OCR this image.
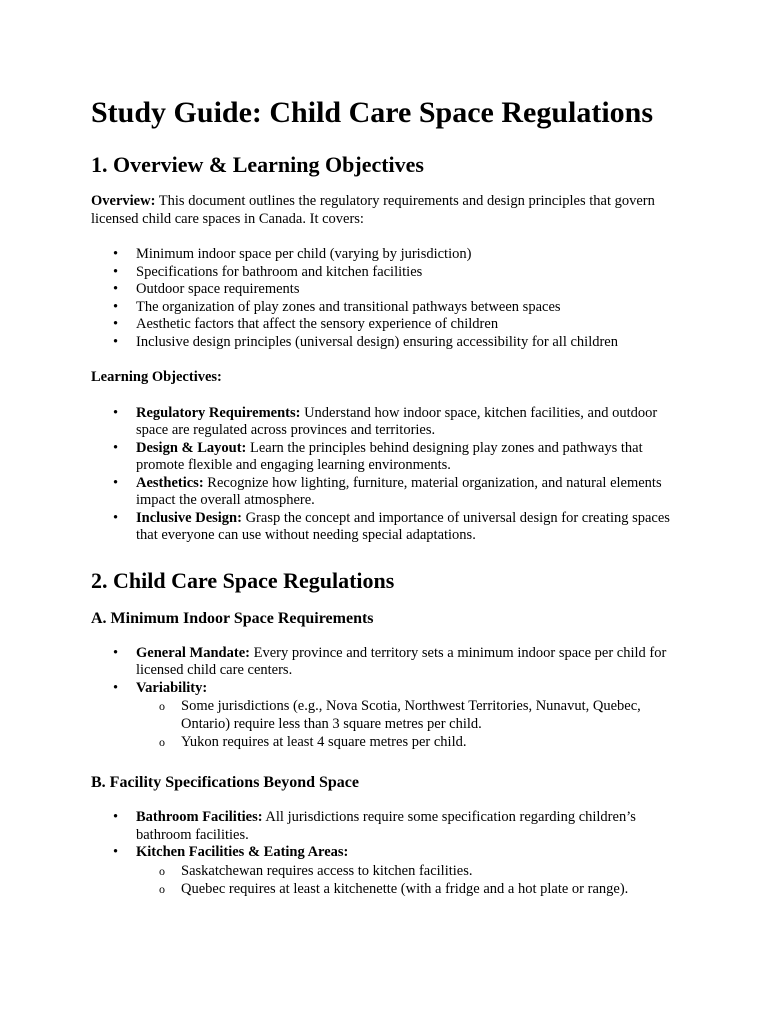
Study Guide: Child Care Space Regulations
1. Overview & Learning Objectives

Overview: This document outlines the regulatory requirements and design principles that govern licensed child care spaces in Canada. It covers:

• Minimum indoor space per child (varying by jurisdiction)
• Specifications for bathroom and kitchen facilities
• Outdoor space requirements
• The organization of play zones and transitional pathways between spaces
• Aesthetic factors that affect the sensory experience of children
• Inclusive design principles (universal design) ensuring accessibility for all children

Learning Objectives:

• Regulatory Requirements: Understand how indoor space, kitchen facilities, and outdoor space are regulated across provinces and territories.
• Design & Layout: Learn the principles behind designing play zones and pathways that promote flexible and engaging learning environments.
• Aesthetics: Recognize how lighting, furniture, material organization, and natural elements impact the overall atmosphere.
• Inclusive Design: Grasp the concept and importance of universal design for creating spaces that everyone can use without needing special adaptations.
2. Child Care Space Regulations
A. Minimum Indoor Space Requirements
• General Mandate: Every province and territory sets a minimum indoor space per child for licensed child care centers.
• Variability:
o Some jurisdictions (e.g., Nova Scotia, Northwest Territories, Nunavut, Quebec, Ontario) require less than 3 square metres per child.
o Yukon requires at least 4 square metres per child.
B. Facility Specifications Beyond Space
• Bathroom Facilities: All jurisdictions require some specification regarding children’s bathroom facilities.
• Kitchen Facilities & Eating Areas:
o Saskatchewan requires access to kitchen facilities.
o Quebec requires at least a kitchenette (with a fridge and a hot plate or range).
